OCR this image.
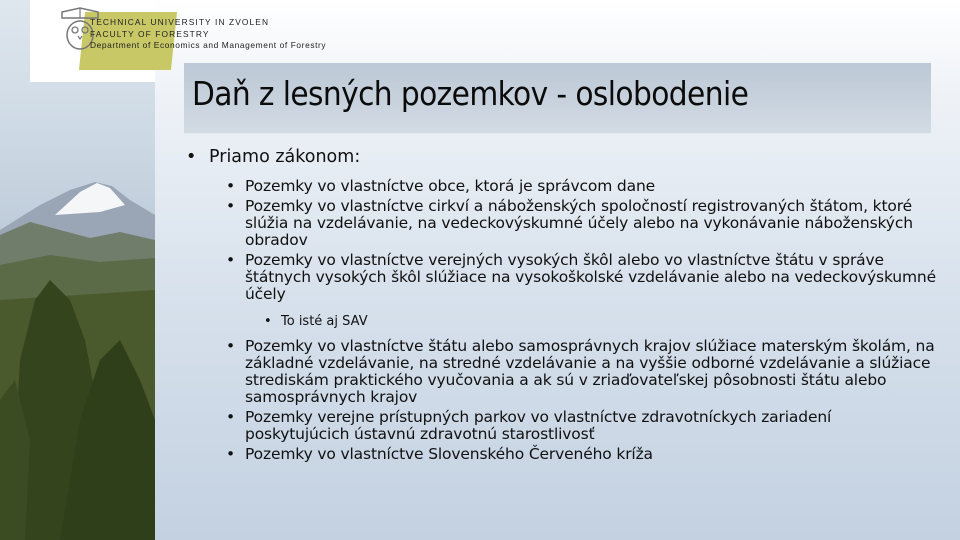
TECHNICAL UNIVERSITY IN ZVOLEN
FACULTY OF FORESTRY
Department of Economics and Management of Forestry
Daň z lesných pozemkov - oslobodenie
• Priamo zákonom:
• Pozemky vo vlastníctve obce, ktorá je správcom dane
• Pozemky vo vlastníctve cirkví a náboženských spoločností registrovaných štátom, ktoré slúžia na vzdelávanie, na vedeckovýskumné účely alebo na vykonávanie náboženských obradov
• Pozemky vo vlastníctve verejných vysokých škôl alebo vo vlastníctve štátu v správe štátnych vysokých škôl slúžiace na vysokoškolské vzdelávanie alebo na vedeckovýskumné účely
• To isté aj SAV
• Pozemky vo vlastníctve štátu alebo samosprávnych krajov slúžiace materským školám, na základné vzdelávanie, na stredné vzdelávanie a na vyššie odborné vzdelávanie a slúžiace strediskám praktického vyučovania a ak sú v zriaďovateľskej pôsobnosti štátu alebo samosprávnych krajov
• Pozemky verejne prístupných parkov vo vlastníctve zdravotníckych zariadení poskytujúcich ústavnú zdravotnú starostlivosť
• Pozemky vo vlastníctve Slovenského Červeného kríža
